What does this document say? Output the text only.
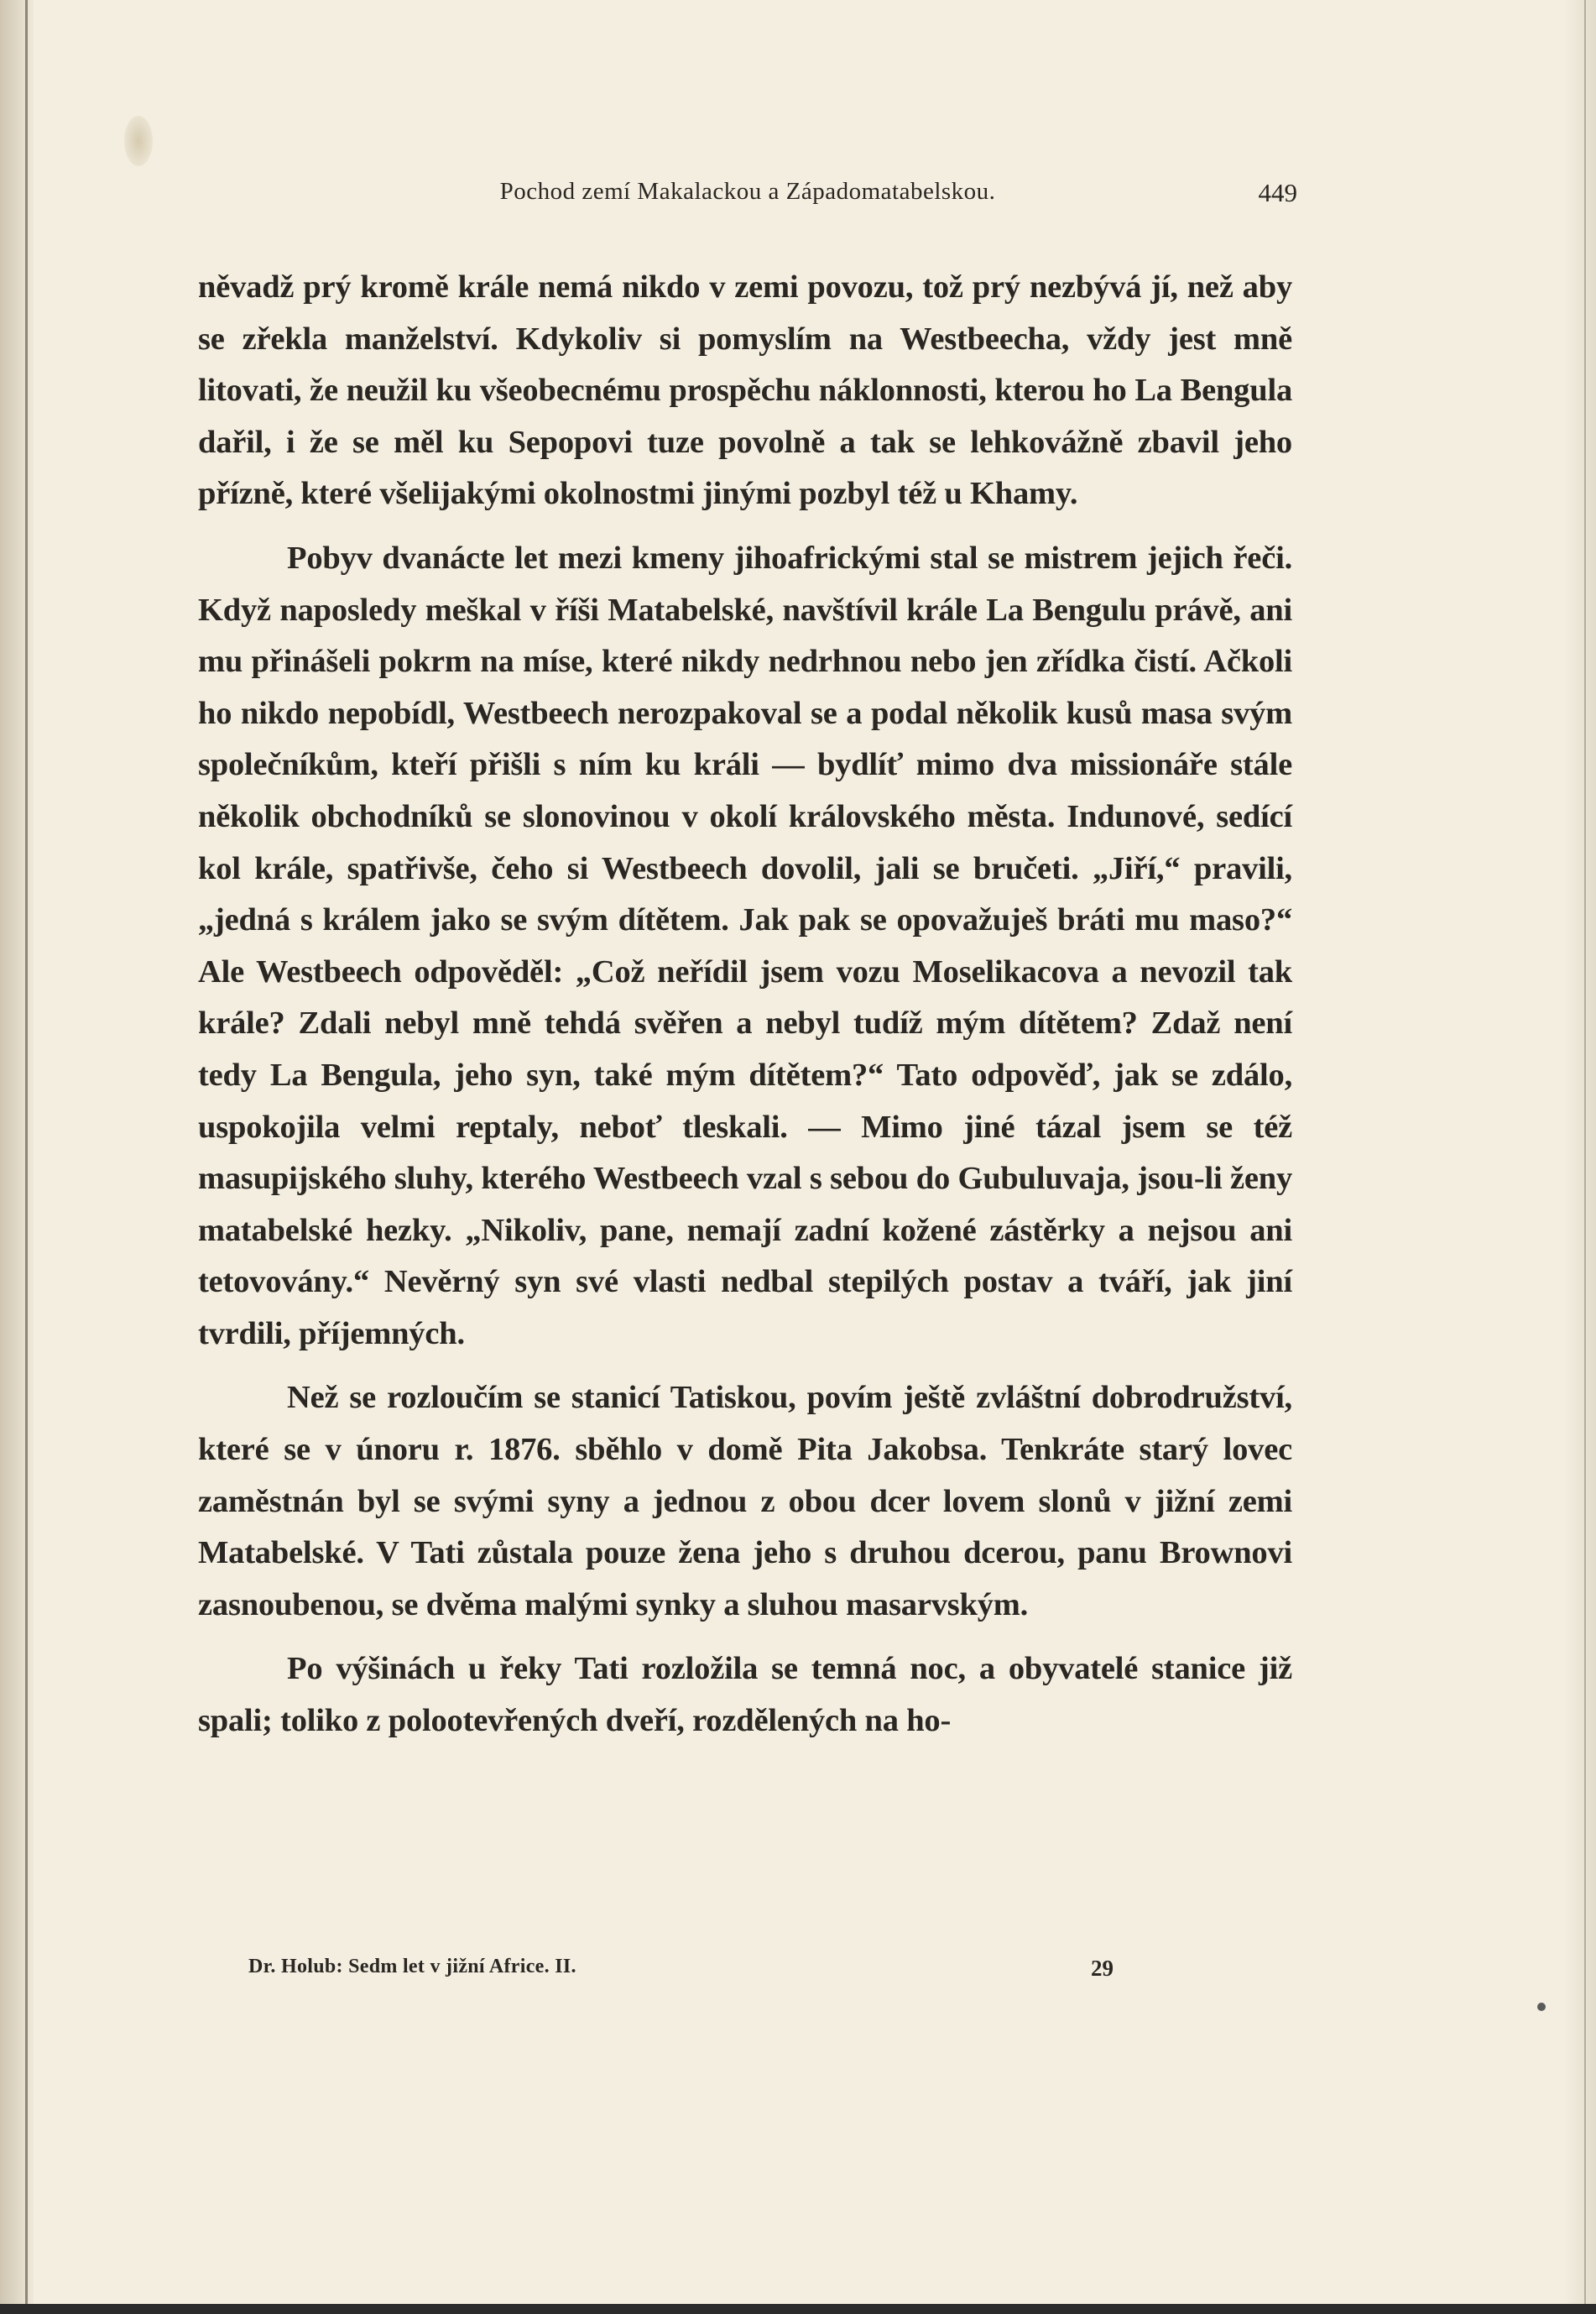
Pochod zemí Makalackou a Západomatabelskou.	449

něvadž prý kromě krále nemá nikdo v zemi povozu, tož prý nezbývá jí, než aby se zřekla manželství. Kdykoliv si pomyslím na Westbeecha, vždy jest mně litovati, že neužil ku všeobecnému prospěchu náklonnosti, kterou ho La Bengula dařil, i že se měl ku Sepopovi tuze povolně a tak se lehkovážně zbavil jeho přízně, které všelijakými okolnostmi jinými pozbyl též u Khamy.

Pobyv dvanácte let mezi kmeny jihoafrickými stal se mistrem jejich řeči. Když naposledy meškal v říši Matabelské, navštívil krále La Bengulu právě, ani mu přinášeli pokrm na míse, které nikdy nedrhnou nebo jen zřídka čistí. Ačkoli ho nikdo nepobídl, Westbeech nerozpakoval se a podal několik kusů masa svým společníkům, kteří přišli s ním ku králi — bydlíť mimo dva missionáře stále několik obchodníků se slonovinou v okolí královského města. Indunové, sedící kol krále, spatřivše, čeho si Westbeech dovolil, jali se bručeti. „Jiří,“ pravili, „jedná s králem jako se svým dítětem. Jak pak se opovažuješ bráti mu maso?“ Ale Westbeech odpověděl: „Což neřídil jsem vozu Moselikacova a nevozil tak krále? Zdali nebyl mně tehdá svěřen a nebyl tudíž mým dítětem? Zdaž není tedy La Bengula, jeho syn, také mým dítětem?“ Tato odpověď, jak se zdálo, uspokojila velmi reptaly, neboť tleskali. — Mimo jiné tázal jsem se též masupijského sluhy, kterého Westbeech vzal s sebou do Gubuluvaja, jsou-li ženy matabelské hezky. „Nikoliv, pane, nemají zadní kožené zástěrky a nejsou ani tetovovány.“ Nevěrný syn své vlasti nedbal stepilých postav a tváří, jak jiní tvrdili, příjemných.

Než se rozloučím se stanicí Tatiskou, povím ještě zvláštní dobrodružství, které se v únoru r. 1876. sběhlo v domě Pita Jakobsa. Tenkráte starý lovec zaměstnán byl se svými syny a jednou z obou dcer lovem slonů v jižní zemi Matabelské. V Tati zůstala pouze žena jeho s druhou dcerou, panu Brownovi zasnoubenou, se dvěma malými synky a sluhou masarvským.

Po výšinách u řeky Tati rozložila se temná noc, a obyvatelé stanice již spali; toliko z polootevřených dveří, rozdělených na ho-

Dr. Holub: Sedm let v jižní Africe. II.	29
